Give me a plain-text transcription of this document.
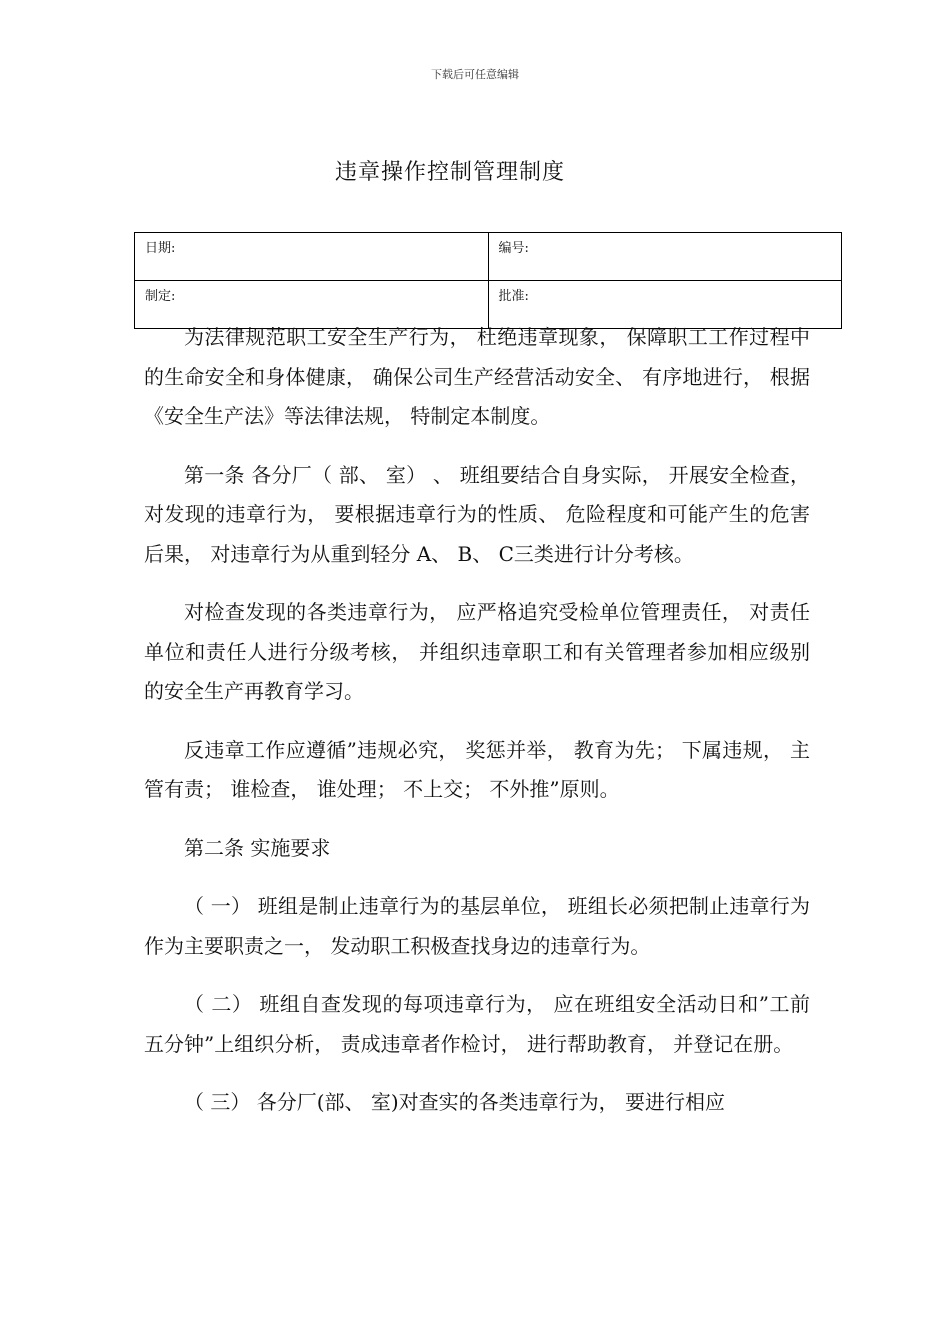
下载后可任意编辑
违章操作控制管理制度
日期:	编号:
制定:	批准:

为法律规范职工安全生产行为， 杜绝违章现象， 保障职工工作过程中的生命安全和身体健康， 确保公司生产经营活动安全、 有序地进行， 根据《安全生产法》等法律法规， 特制定本制度。

第一条 各分厂（ 部、 室） 、 班组要结合自身实际， 开展安全检查， 对发现的违章行为， 要根据违章行为的性质、 危险程度和可能产生的危害后果， 对违章行为从重到轻分 A、 B、 C三类进行计分考核。

对检查发现的各类违章行为， 应严格追究受检单位管理责任， 对责任单位和责任人进行分级考核， 并组织违章职工和有关管理者参加相应级别的安全生产再教育学习。

反违章工作应遵循”违规必究， 奖惩并举， 教育为先； 下属违规， 主管有责； 谁检查， 谁处理； 不上交； 不外推”原则。

第二条 实施要求

（ 一） 班组是制止违章行为的基层单位， 班组长必须把制止违章行为作为主要职责之一， 发动职工积极查找身边的违章行为。

（ 二） 班组自查发现的每项违章行为， 应在班组安全活动日和”工前五分钟”上组织分析， 责成违章者作检讨， 进行帮助教育， 并登记在册。

（ 三） 各分厂(部、 室)对查实的各类违章行为， 要进行相应
